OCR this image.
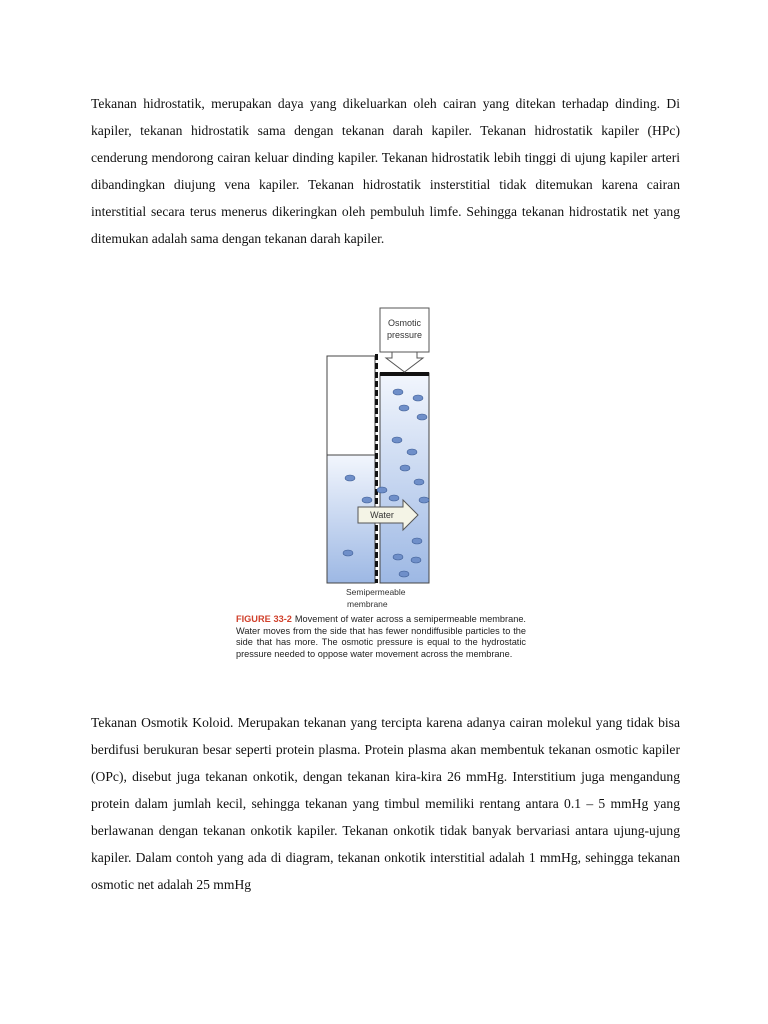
Tekanan hidrostatik, merupakan daya yang dikeluarkan oleh cairan yang ditekan terhadap dinding. Di kapiler, tekanan hidrostatik sama dengan tekanan darah kapiler. Tekanan hidrostatik kapiler (HPc) cenderung mendorong cairan keluar dinding kapiler. Tekanan hidrostatik lebih tinggi di ujung kapiler arteri dibandingkan diujung vena kapiler. Tekanan hidrostatik insterstitial tidak ditemukan karena cairan interstitial secara terus menerus dikeringkan oleh pembuluh limfe. Sehingga tekanan hidrostatik net yang ditemukan adalah sama dengan tekanan darah kapiler.

Osmotic
pressure
Water
Semipermeable
membrane
FIGURE 33-2 Movement of water across a semipermeable membrane. Water moves from the side that has fewer nondiffusible particles to the side that has more. The osmotic pressure is equal to the hydrostatic pressure needed to oppose water movement across the membrane.

Tekanan Osmotik Koloid. Merupakan tekanan yang tercipta karena adanya cairan molekul yang tidak bisa berdifusi berukuran besar seperti protein plasma. Protein plasma akan membentuk tekanan osmotic kapiler (OPc), disebut juga tekanan onkotik, dengan tekanan kira-kira 26 mmHg. Interstitium juga mengandung protein dalam jumlah kecil, sehingga tekanan yang timbul memiliki rentang antara 0.1 – 5 mmHg yang berlawanan dengan tekanan onkotik kapiler. Tekanan onkotik tidak banyak bervariasi antara ujung-ujung kapiler. Dalam contoh yang ada di diagram, tekanan onkotik interstitial adalah 1 mmHg, sehingga tekanan osmotic net adalah 25 mmHg
